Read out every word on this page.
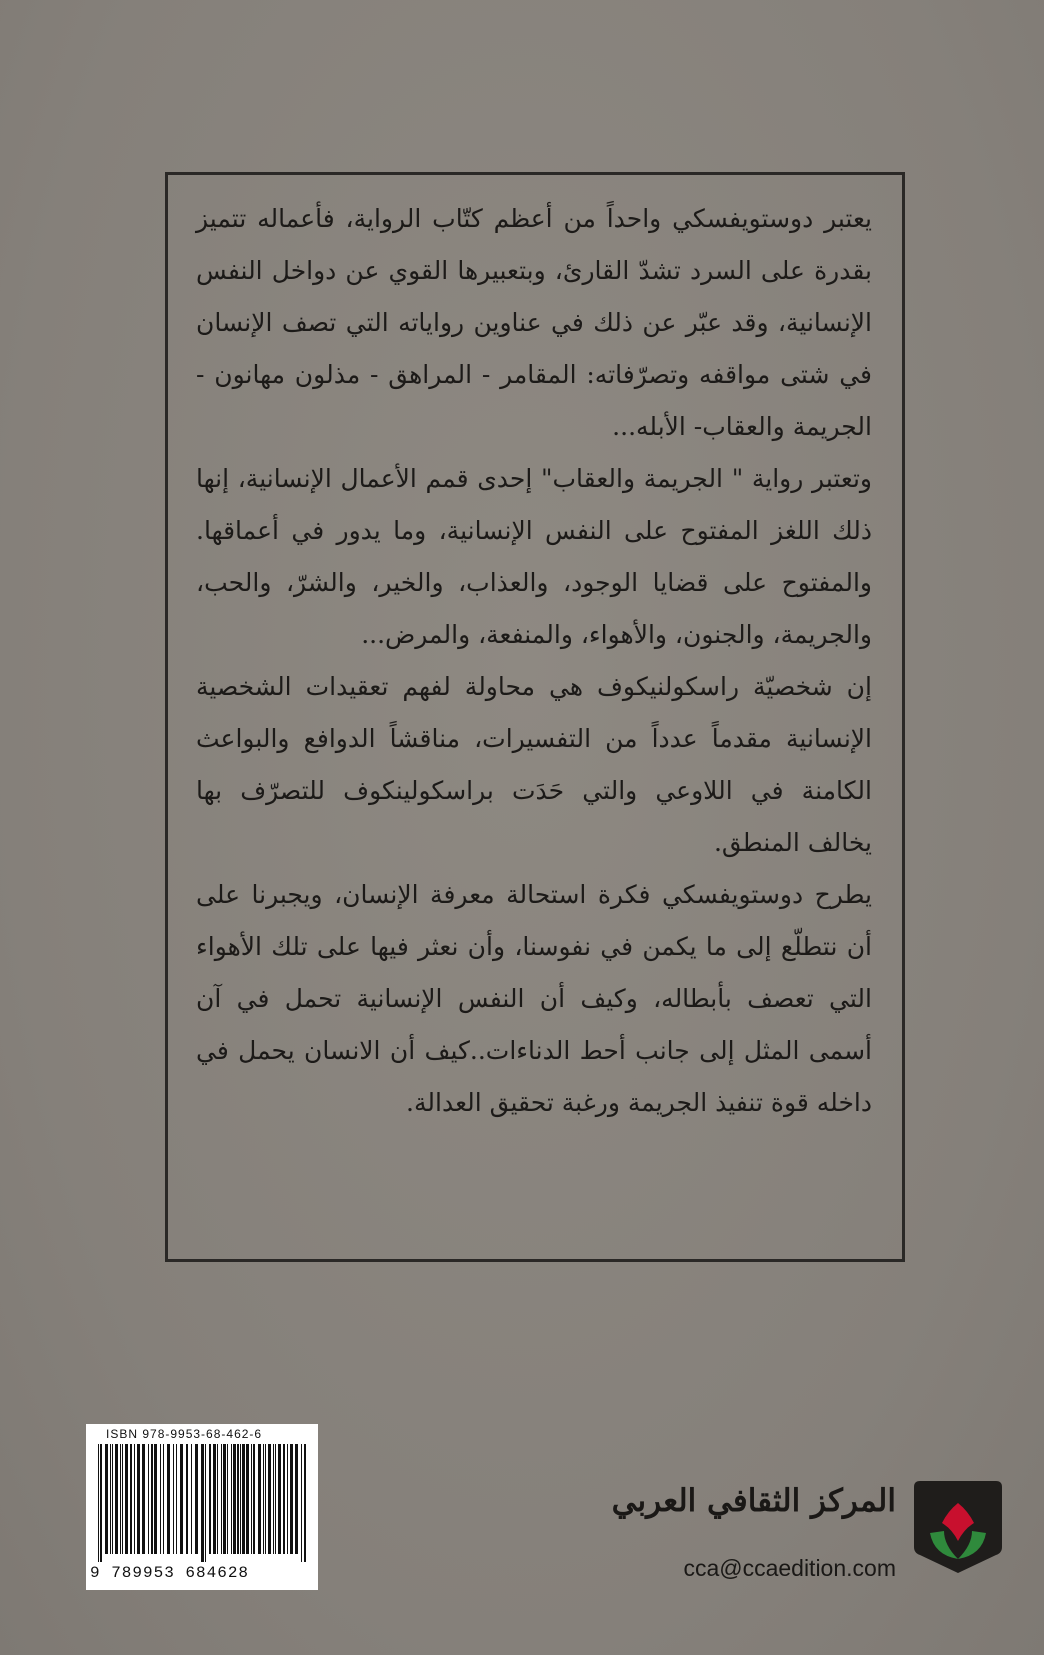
يعتبر دوستويفسكي واحداً من أعظم كتّاب الرواية، فأعماله تتميز بقدرة على السرد تشدّ القارئ، وبتعبيرها القوي عن دواخل النفس الإنسانية، وقد عبّر عن ذلك في عناوين رواياته التي تصف الإنسان في شتى مواقفه وتصرّفاته: المقامر - المراهق - مذلون مهانون - الجريمة والعقاب- الأبله...

وتعتبر رواية " الجريمة والعقاب" إحدى قمم الأعمال الإنسانية، إنها ذلك اللغز المفتوح على النفس الإنسانية، وما يدور في أعماقها. والمفتوح على قضايا الوجود، والعذاب، والخير، والشرّ، والحب، والجريمة، والجنون، والأهواء، والمنفعة، والمرض...

إن شخصيّة راسكولنيكوف هي محاولة لفهم تعقيدات الشخصية الإنسانية مقدماً عدداً من التفسيرات، مناقشاً الدوافع والبواعث الكامنة في اللاوعي والتي حَدَت براسكولينكوف للتصرّف بها يخالف المنطق.

يطرح دوستويفسكي فكرة استحالة معرفة الإنسان، ويجبرنا على أن نتطلّع إلى ما يكمن في نفوسنا، وأن نعثر فيها على تلك الأهواء التي تعصف بأبطاله، وكيف أن النفس الإنسانية تحمل في آن أسمى المثل إلى جانب أحط الدناءات..كيف أن الانسان يحمل في داخله قوة تنفيذ الجريمة ورغبة تحقيق العدالة.

ISBN 978-9953-68-462-6
9 789953 684628
المركز الثقافي العربي
cca@ccaedition.com
